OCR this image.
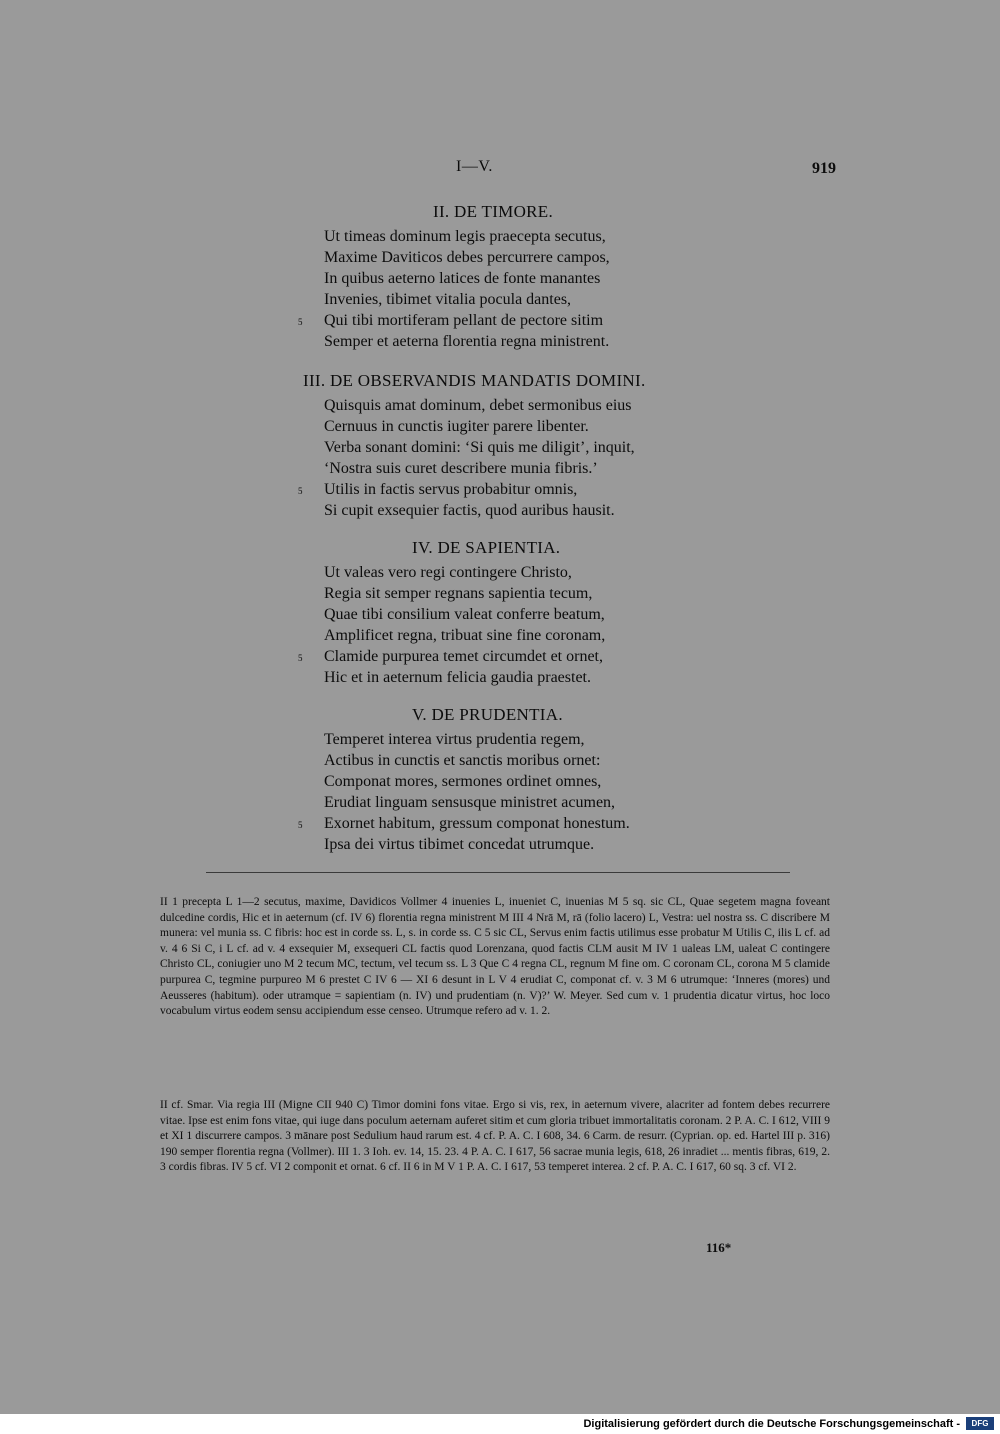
I—V.	919
II. DE TIMORE.
Ut timeas dominum legis praecepta secutus,
Maxime Daviticos debes percurrere campos,
In quibus aeterno latices de fonte manantes
Invenies, tibimet vitalia pocula dantes,
Qui tibi mortiferam pellant de pectore sitim
Semper et aeterna florentia regna ministrent.
5
III. DE OBSERVANDIS MANDATIS DOMINI.
Quisquis amat dominum, debet sermonibus eius
Cernuus in cunctis iugiter parere libenter.
Verba sonant domini: ‘Si quis me diligit’, inquit,
‘Nostra suis curet describere munia fibris.’
Utilis in factis servus probabitur omnis,
Si cupit exsequier factis, quod auribus hausit.
5
IV. DE SAPIENTIA.
Ut valeas vero regi contingere Christo,
Regia sit semper regnans sapientia tecum,
Quae tibi consilium valeat conferre beatum,
Amplificet regna, tribuat sine fine coronam,
Clamide purpurea temet circumdet et ornet,
Hic et in aeternum felicia gaudia praestet.
5
V. DE PRUDENTIA.
Temperet interea virtus prudentia regem,
Actibus in cunctis et sanctis moribus ornet:
Componat mores, sermones ordinet omnes,
Erudiat linguam sensusque ministret acumen,
Exornet habitum, gressum componat honestum.
Ipsa dei virtus tibimet concedat utrumque.
5

II 1 precepta L 1—2 secutus, maxime, Davidicos Vollmer 4 inuenies L, inueniet C, inuenias M 5 sq. sic CL, Quae segetem magna foveant dulcedine cordis, Hic et in aeternum (cf. IV 6) florentia regna ministrent M III 4 Nrā M, rā (folio lacero) L, Vestra: uel nostra ss. C discribere M munera: vel munia ss. C fibris: hoc est in corde ss. L, s. in corde ss. C 5 sic CL, Servus enim factis utilimus esse probatur M Utilis C, ilis L cf. ad v. 4 6 Si C, i L cf. ad v. 4 exsequier M, exsequeri CL factis quod Lorenzana, quod factis CLM ausit M IV 1 ualeas LM, ualeat C contingere Christo CL, coniugier uno M 2 tecum MC, tectum, vel tecum ss. L 3 Que C 4 regna CL, regnum M fine om. C coronam CL, corona M 5 clamide purpurea C, tegmine purpureo M 6 prestet C IV 6 — XI 6 desunt in L V 4 erudiat C, componat cf. v. 3 M 6 utrumque: ‘Inneres (mores) und Aeusseres (habitum). oder utramque = sapientiam (n. IV) und prudentiam (n. V)?’ W. Meyer. Sed cum v. 1 prudentia dicatur virtus, hoc loco vocabulum virtus eodem sensu accipiendum esse censeo. Utrumque refero ad v. 1. 2.

II cf. Smar. Via regia III (Migne CII 940 C) Timor domini fons vitae. Ergo si vis, rex, in aeternum vivere, alacriter ad fontem debes recurrere vitae. Ipse est enim fons vitae, qui iuge dans poculum aeternam auferet sitim et cum gloria tribuet immortalitatis coronam. 2 P. A. C. I 612, VIII 9 et XI 1 discurrere campos. 3 mānare post Sedulium haud rarum est. 4 cf. P. A. C. I 608, 34. 6 Carm. de resurr. (Cyprian. op. ed. Hartel III p. 316) 190 semper florentia regna (Vollmer). III 1. 3 Ioh. ev. 14, 15. 23. 4 P. A. C. I 617, 56 sacrae munia legis, 618, 26 inradiet ... mentis fibras, 619, 2. 3 cordis fibras. IV 5 cf. VI 2 componit et ornat. 6 cf. II 6 in M V 1 P. A. C. I 617, 53 temperet interea. 2 cf. P. A. C. I 617, 60 sq. 3 cf. VI 2.

116*
Digitalisierung gefördert durch die Deutsche Forschungsgemeinschaft -	DFG
